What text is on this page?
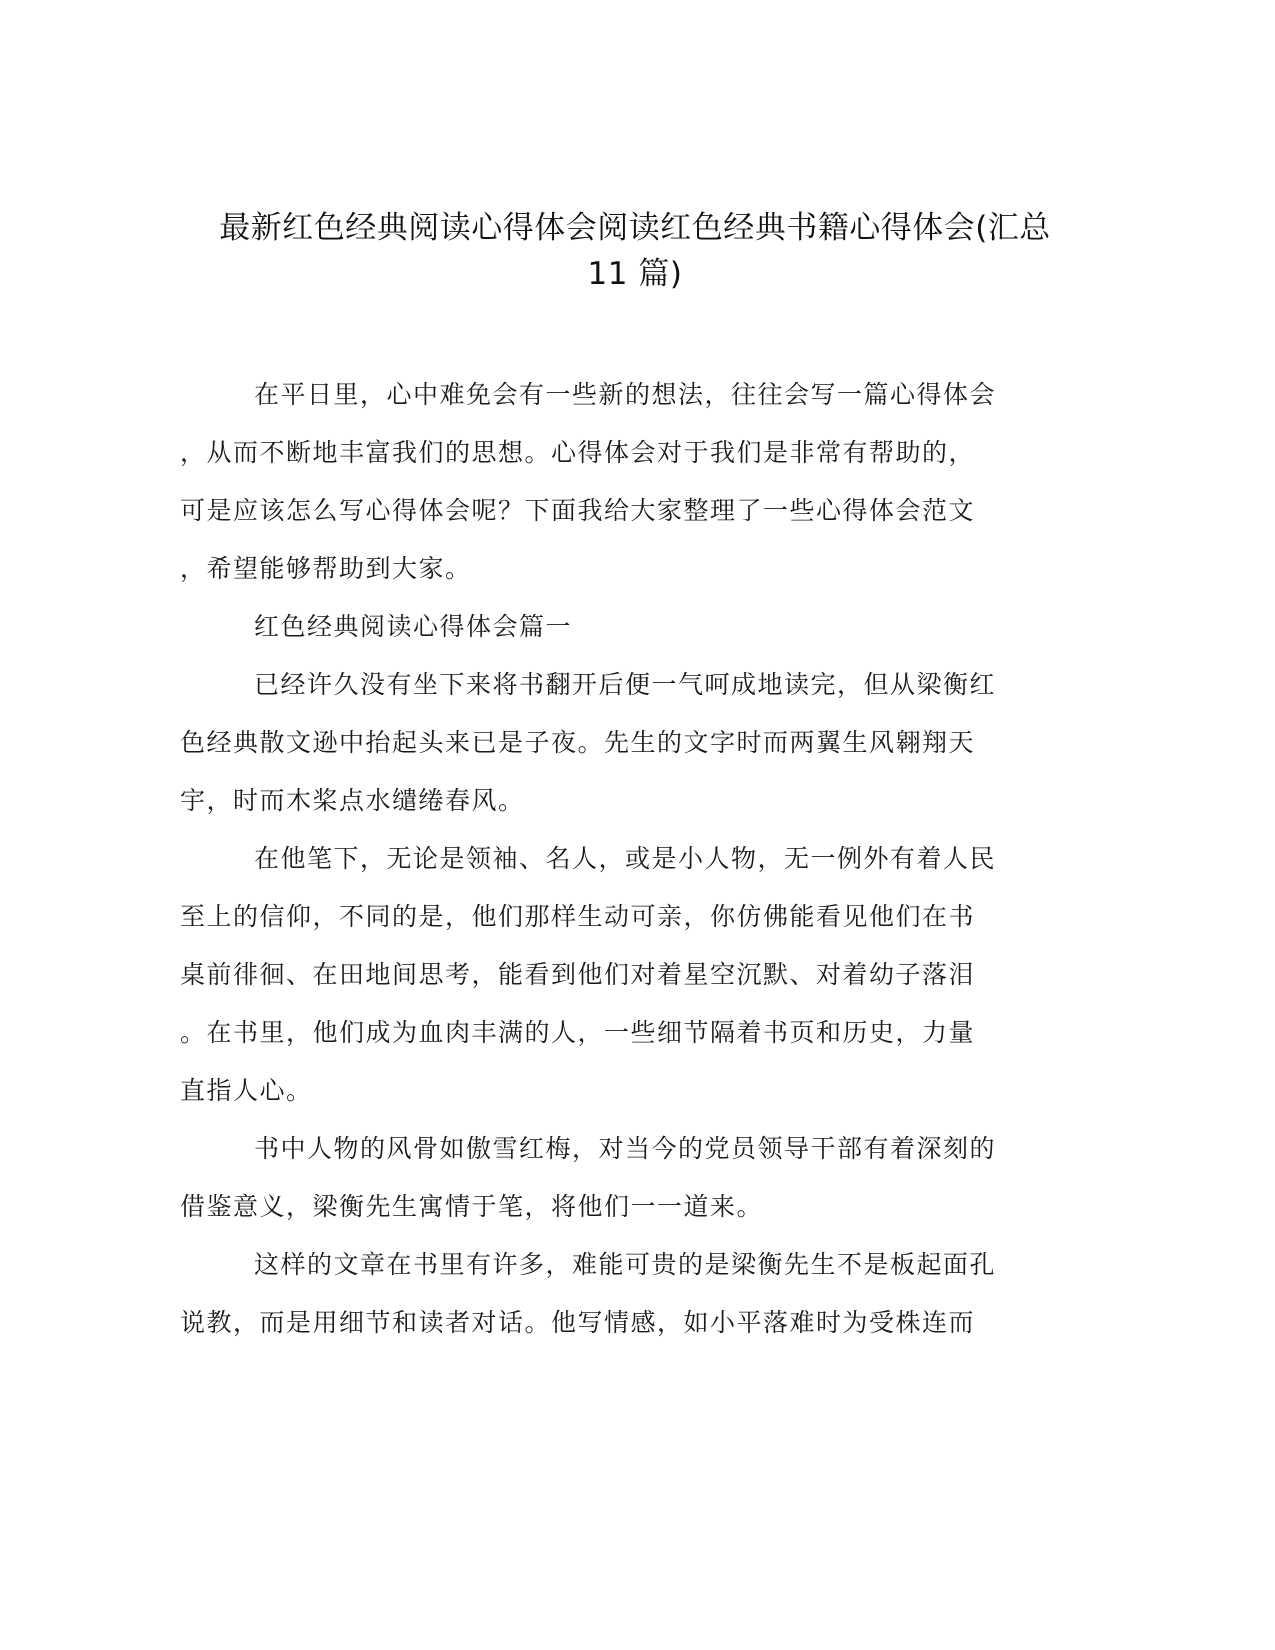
最新红色经典阅读心得体会阅读红色经典书籍心得体会(汇总
11 篇)
在平日里，心中难免会有一些新的想法，往往会写一篇心得体会
，从而不断地丰富我们的思想。心得体会对于我们是非常有帮助的，
可是应该怎么写心得体会呢？下面我给大家整理了一些心得体会范文
，希望能够帮助到大家。
红色经典阅读心得体会篇一
已经许久没有坐下来将书翻开后便一气呵成地读完，但从梁衡红
色经典散文逊中抬起头来已是子夜。先生的文字时而两翼生风翱翔天
宇，时而木桨点水缱绻春风。
在他笔下，无论是领袖、名人，或是小人物，无一例外有着人民
至上的信仰，不同的是，他们那样生动可亲，你仿佛能看见他们在书
桌前徘徊、在田地间思考，能看到他们对着星空沉默、对着幼子落泪
。在书里，他们成为血肉丰满的人，一些细节隔着书页和历史，力量
直指人心。
书中人物的风骨如傲雪红梅，对当今的党员领导干部有着深刻的
借鉴意义，梁衡先生寓情于笔，将他们一一道来。
这样的文章在书里有许多，难能可贵的是梁衡先生不是板起面孔
说教，而是用细节和读者对话。他写情感，如小平落难时为受株连而
